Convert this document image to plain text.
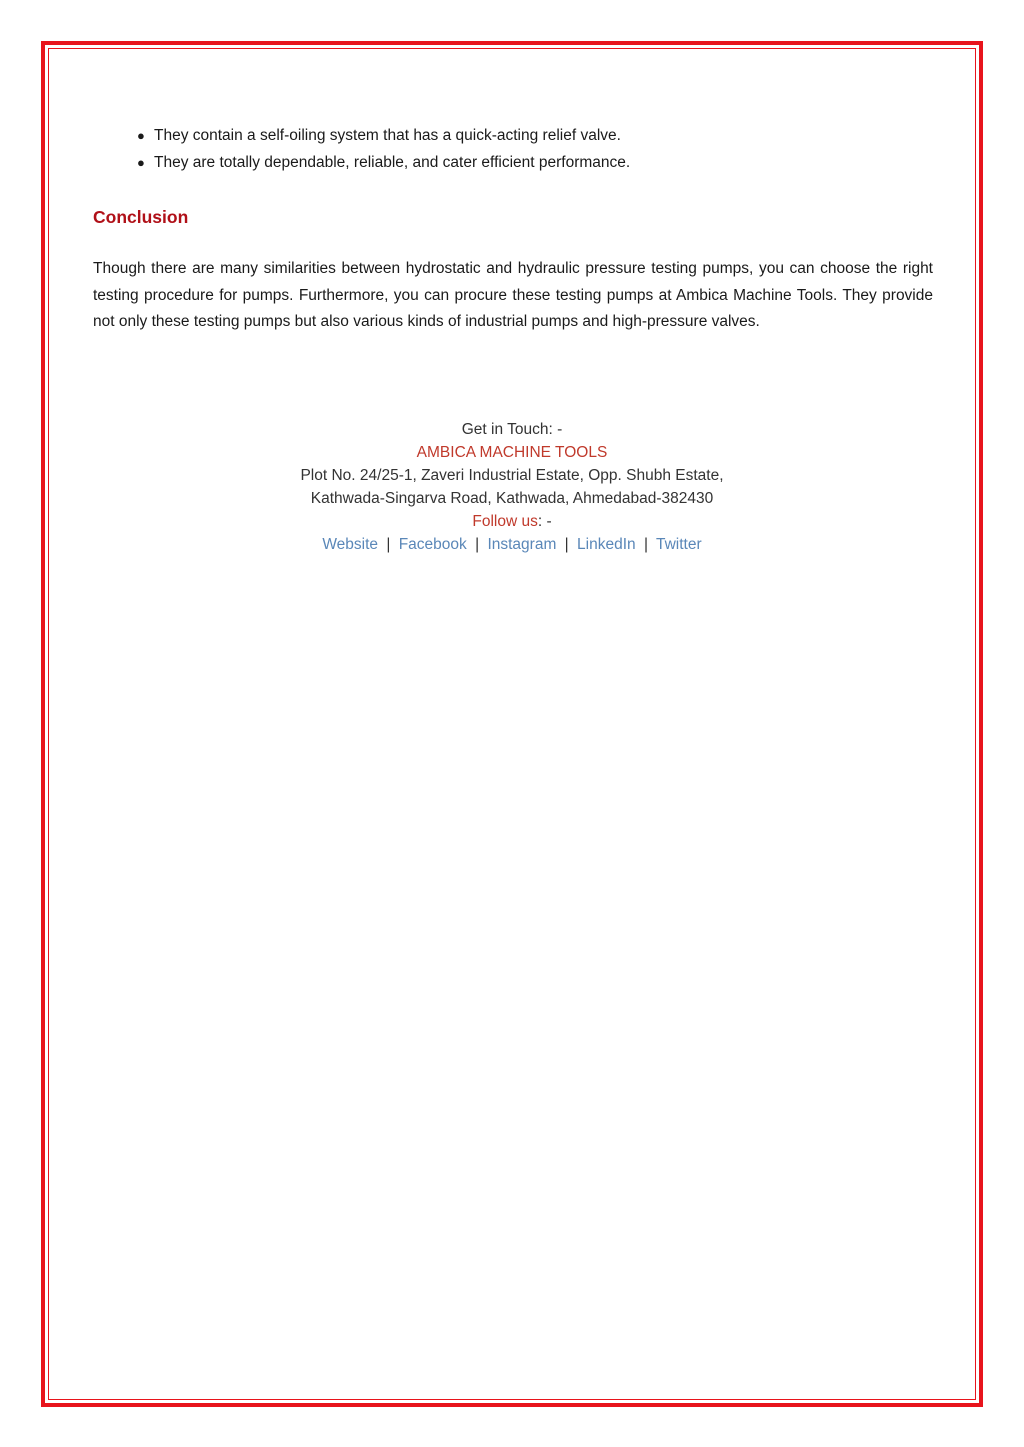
● They contain a self-oiling system that has a quick-acting relief valve.
● They are totally dependable, reliable, and cater efficient performance.
Conclusion

Though there are many similarities between hydrostatic and hydraulic pressure testing pumps, you can choose the right testing procedure for pumps. Furthermore, you can procure these testing pumps at Ambica Machine Tools. They provide not only these testing pumps but also various kinds of industrial pumps and high-pressure valves.

Get in Touch: -
AMBICA MACHINE TOOLS
Plot No. 24/25-1, Zaveri Industrial Estate, Opp. Shubh Estate,
Kathwada-Singarva Road, Kathwada, Ahmedabad-382430
Follow us: -
Website | Facebook | Instagram | LinkedIn | Twitter
